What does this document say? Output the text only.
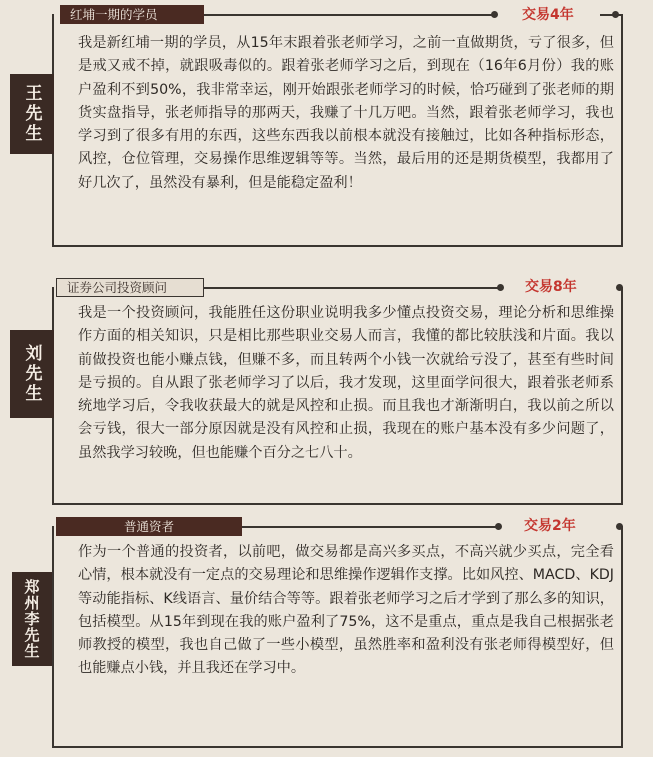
红埔一期的学员	交易4年
王先生

我是新红埔一期的学员，从15年末跟着张老师学习，之前一直做期货，亏了很多，但是戒又戒不掉，就跟吸毒似的。跟着张老师学习之后，到现在（16年6月份）我的账户盈利不到50%，我非常幸运，刚开始跟张老师学习的时候，恰巧碰到了张老师的期货实盘指导，张老师指导的那两天，我赚了十几万吧。当然，跟着张老师学习，我也学习到了很多有用的东西，这些东西我以前根本就没有接触过，比如各种指标形态，风控，仓位管理，交易操作思维逻辑等等。当然，最后用的还是期货模型，我都用了好几次了，虽然没有暴利，但是能稳定盈利！

证券公司投资顾问	交易8年
刘先生

我是一个投资顾问，我能胜任这份职业说明我多少懂点投资交易，理论分析和思维操作方面的相关知识，只是相比那些职业交易人而言，我懂的都比较肤浅和片面。我以前做投资也能小赚点钱，但赚不多，而且转两个小钱一次就给亏没了，甚至有些时间是亏损的。自从跟了张老师学习了以后，我才发现，这里面学问很大，跟着张老师系统地学习后，令我收获最大的就是风控和止损。而且我也才渐渐明白，我以前之所以会亏钱，很大一部分原因就是没有风控和止损，我现在的账户基本没有多少问题了，虽然我学习较晚，但也能赚个百分之七八十。

普通资者	交易2年
郑州李先生

作为一个普通的投资者，以前吧，做交易都是高兴多买点，不高兴就少买点，完全看心情，根本就没有一定点的交易理论和思维操作逻辑作支撑。比如风控、MACD、KDJ等动能指标、K线语言、量价结合等等。跟着张老师学习之后才学到了那么多的知识，包括模型。从15年到现在我的账户盈利了75%，这不是重点，重点是我自己根据张老师教授的模型，我也自己做了一些小模型，虽然胜率和盈利没有张老师得模型好，但也能赚点小钱，并且我还在学习中。
